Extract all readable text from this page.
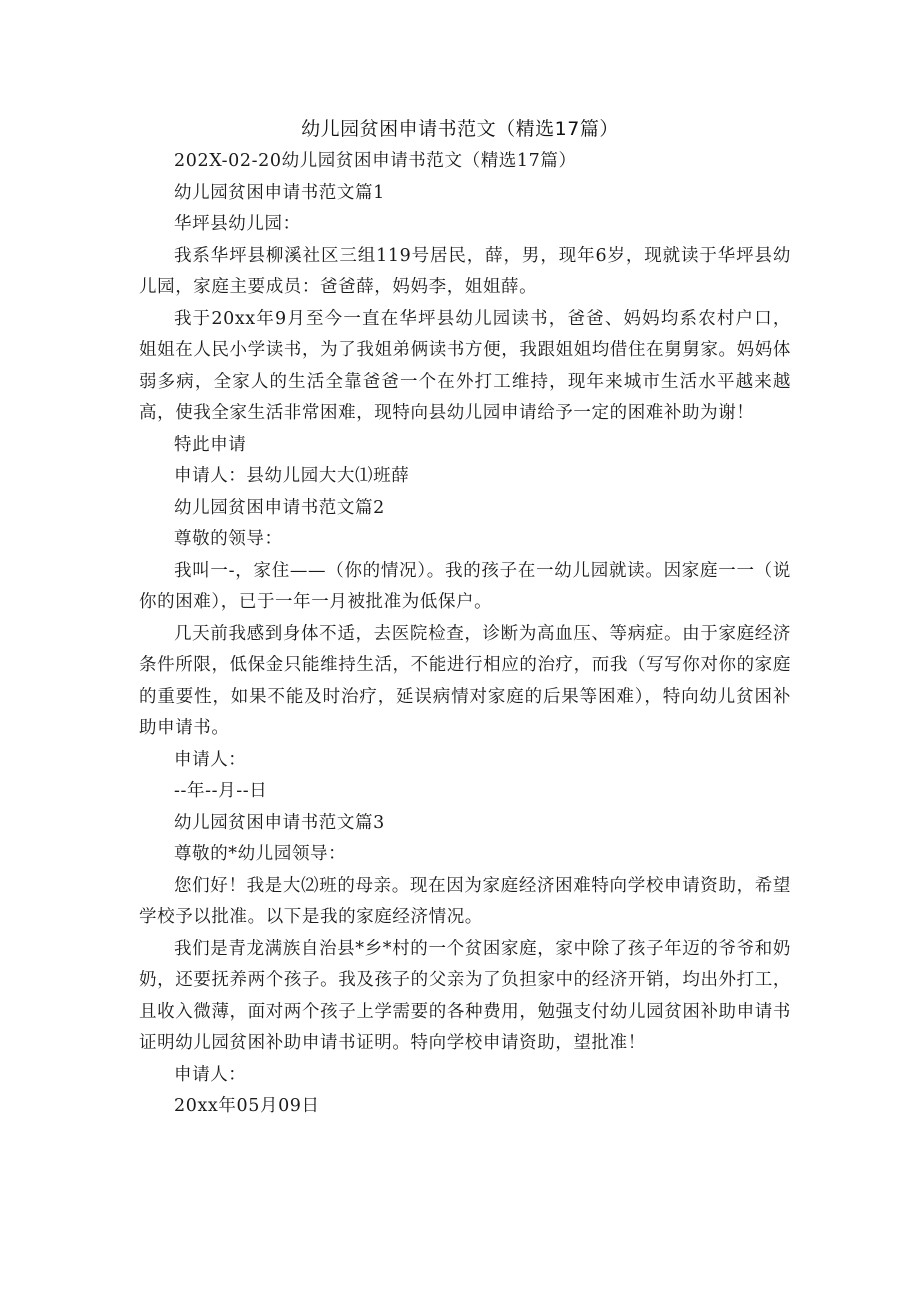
幼儿园贫困申请书范文（精选17篇）

202X-02-20幼儿园贫困申请书范文（精选17篇）

幼儿园贫困申请书范文篇1

华坪县幼儿园：

我系华坪县柳溪社区三组119号居民，薛，男，现年6岁，现就读于华坪县幼儿园，家庭主要成员：爸爸薛，妈妈李，姐姐薛。

我于20xx年9月至今一直在华坪县幼儿园读书，爸爸、妈妈均系农村户口，姐姐在人民小学读书，为了我姐弟俩读书方便，我跟姐姐均借住在舅舅家。妈妈体弱多病，全家人的生活全靠爸爸一个在外打工维持，现年来城市生活水平越来越高，使我全家生活非常困难，现特向县幼儿园申请给予一定的困难补助为谢！

特此申请

申请人：县幼儿园大大⑴班薛

幼儿园贫困申请书范文篇2

尊敬的领导：

我叫一-，家住——（你的情况）。我的孩子在一幼儿园就读。因家庭一一（说你的困难），已于一年一月被批准为低保户。

几天前我感到身体不适，去医院检查，诊断为高血压、等病症。由于家庭经济条件所限，低保金只能维持生活，不能进行相应的治疗，而我（写写你对你的家庭的重要性，如果不能及时治疗，延误病情对家庭的后果等困难），特向幼儿贫困补助申请书。

申请人：

--年--月--日

幼儿园贫困申请书范文篇3

尊敬的*幼儿园领导：

您们好！我是大⑵班的母亲。现在因为家庭经济困难特向学校申请资助，希望学校予以批准。以下是我的家庭经济情况。

我们是青龙满族自治县*乡*村的一个贫困家庭，家中除了孩子年迈的爷爷和奶奶，还要抚养两个孩子。我及孩子的父亲为了负担家中的经济开销，均出外打工，且收入微薄，面对两个孩子上学需要的各种费用，勉强支付幼儿园贫困补助申请书证明幼儿园贫困补助申请书证明。特向学校申请资助，望批准！

申请人：

20xx年05月09日
